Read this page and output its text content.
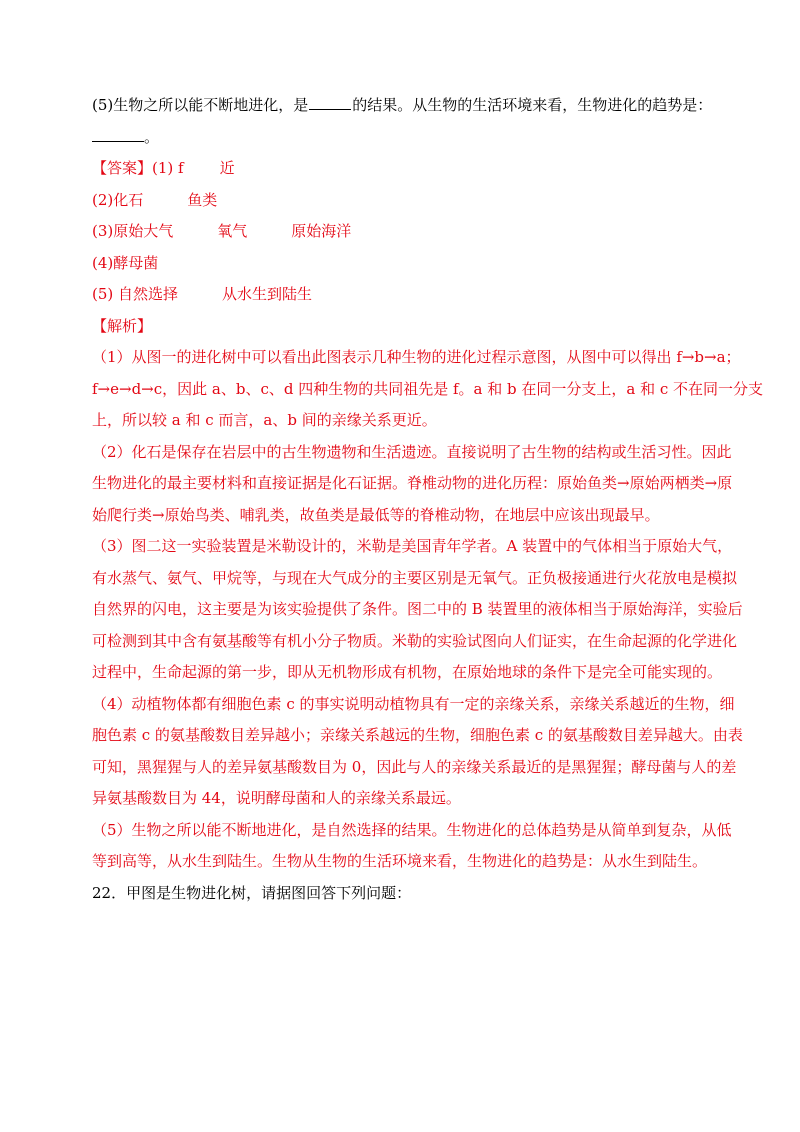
(5)生物之所以能不断地进化，是	的结果。从生物的生活环境来看，生物进化的趋势是：
。
【答案】(1) f 近
(2)化石	鱼类
(3)原始大气	氧气	原始海洋
(4)酵母菌
(5) 自然选择	从水生到陆生
【解析】
（1）从图一的进化树中可以看出此图表示几种生物的进化过程示意图，从图中可以得出 f→b→a；
f→e→d→c，因此 a、b、c、d 四种生物的共同祖先是 f。a 和 b 在同一分支上，a 和 c 不在同一分支
上，所以较 a 和 c 而言，a、b 间的亲缘关系更近。
（2）化石是保存在岩层中的古生物遗物和生活遗迹。直接说明了古生物的结构或生活习性。因此
生物进化的最主要材料和直接证据是化石证据。脊椎动物的进化历程：原始鱼类→原始两栖类→原
始爬行类→原始鸟类、哺乳类，故鱼类是最低等的脊椎动物，在地层中应该出现最早。
（3）图二这一实验装置是米勒设计的，米勒是美国青年学者。A 装置中的气体相当于原始大气，
有水蒸气、氨气、甲烷等，与现在大气成分的主要区别是无氧气。正负极接通进行火花放电是模拟
自然界的闪电，这主要是为该实验提供了条件。图二中的 B 装置里的液体相当于原始海洋，实验后
可检测到其中含有氨基酸等有机小分子物质。米勒的实验试图向人们证实，在生命起源的化学进化
过程中，生命起源的第一步，即从无机物形成有机物，在原始地球的条件下是完全可能实现的。
（4）动植物体都有细胞色素 c 的事实说明动植物具有一定的亲缘关系，亲缘关系越近的生物，细
胞色素 c 的氨基酸数目差异越小；亲缘关系越远的生物，细胞色素 c 的氨基酸数目差异越大。由表
可知，黑猩猩与人的差异氨基酸数目为 0，因此与人的亲缘关系最近的是黑猩猩；酵母菌与人的差
异氨基酸数目为 44，说明酵母菌和人的亲缘关系最远。
（5）生物之所以能不断地进化，是自然选择的结果。生物进化的总体趋势是从简单到复杂，从低
等到高等，从水生到陆生。生物从生物的生活环境来看，生物进化的趋势是：从水生到陆生。
22．甲图是生物进化树，请据图回答下列问题：
